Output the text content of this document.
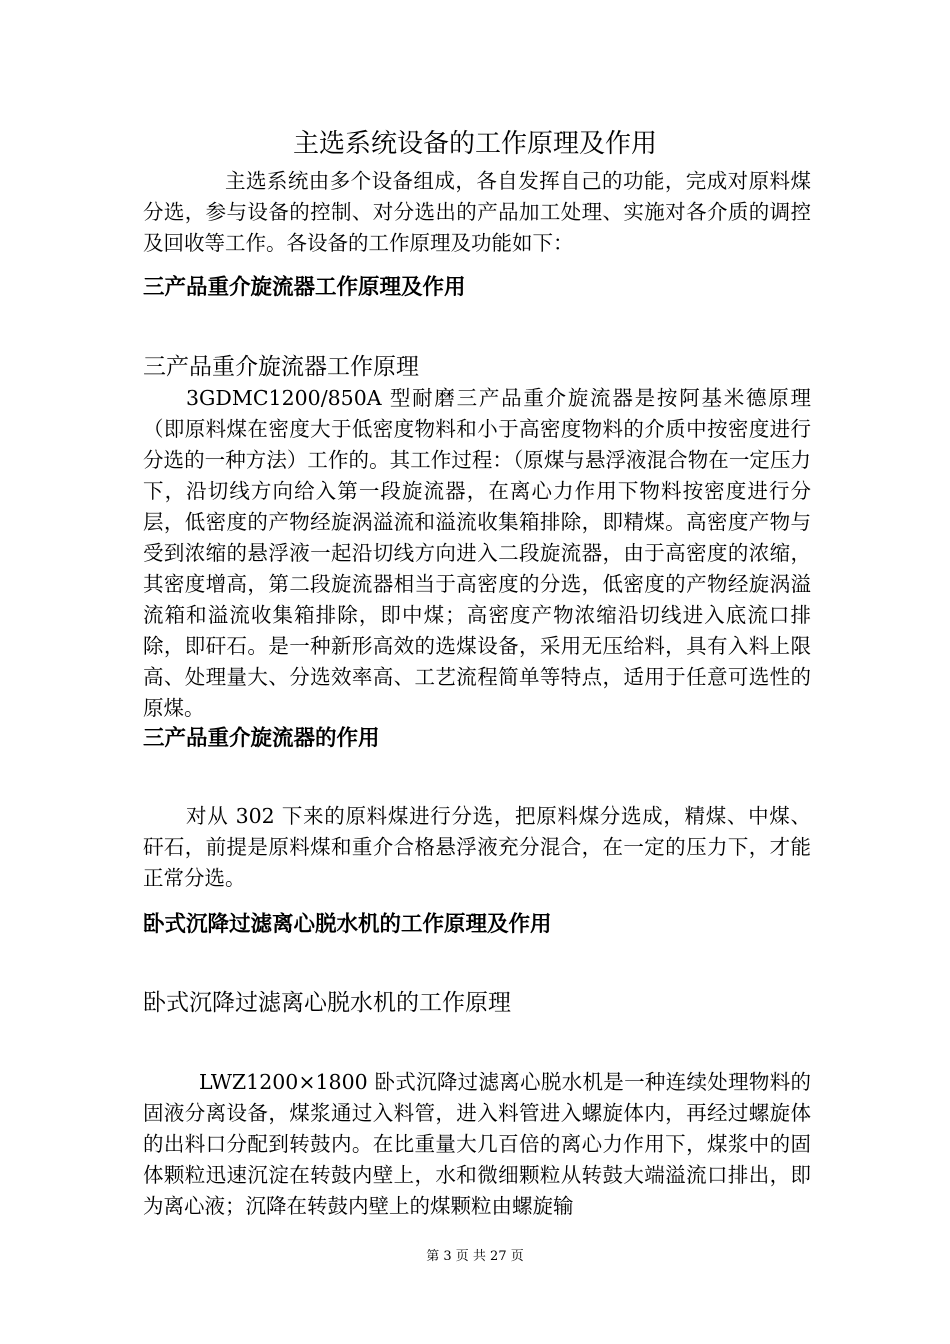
主选系统设备的工作原理及作用

主选系统由多个设备组成，各自发挥自己的功能，完成对原料煤分选，参与设备的控制、对分选出的产品加工处理、实施对各介质的调控及回收等工作。各设备的工作原理及功能如下：

三产品重介旋流器工作原理及作用
三产品重介旋流器工作原理

3GDMC1200/850A 型耐磨三产品重介旋流器是按阿基米德原理（即原料煤在密度大于低密度物料和小于高密度物料的介质中按密度进行分选的一种方法）工作的。其工作过程：（原煤与悬浮液混合物在一定压力下，沿切线方向给入第一段旋流器，在离心力作用下物料按密度进行分层，低密度的产物经旋涡溢流和溢流收集箱排除，即精煤。高密度产物与受到浓缩的悬浮液一起沿切线方向进入二段旋流器，由于高密度的浓缩，其密度增高，第二段旋流器相当于高密度的分选，低密度的产物经旋涡溢流箱和溢流收集箱排除，即中煤；高密度产物浓缩沿切线进入底流口排除，即矸石。是一种新形高效的选煤设备，采用无压给料，具有入料上限高、处理量大、分选效率高、工艺流程简单等特点，适用于任意可选性的原煤。

三产品重介旋流器的作用

对从 302 下来的原料煤进行分选，把原料煤分选成，精煤、中煤、矸石，前提是原料煤和重介合格悬浮液充分混合，在一定的压力下，才能正常分选。

卧式沉降过滤离心脱水机的工作原理及作用
卧式沉降过滤离心脱水机的工作原理

LWZ1200×1800 卧式沉降过滤离心脱水机是一种连续处理物料的固液分离设备，煤浆通过入料管，进入料管进入螺旋体内，再经过螺旋体的出料口分配到转鼓内。在比重量大几百倍的离心力作用下，煤浆中的固体颗粒迅速沉淀在转鼓内壁上，水和微细颗粒从转鼓大端溢流口排出，即为离心液；沉降在转鼓内壁上的煤颗粒由螺旋输

第 3 页 共 27 页
